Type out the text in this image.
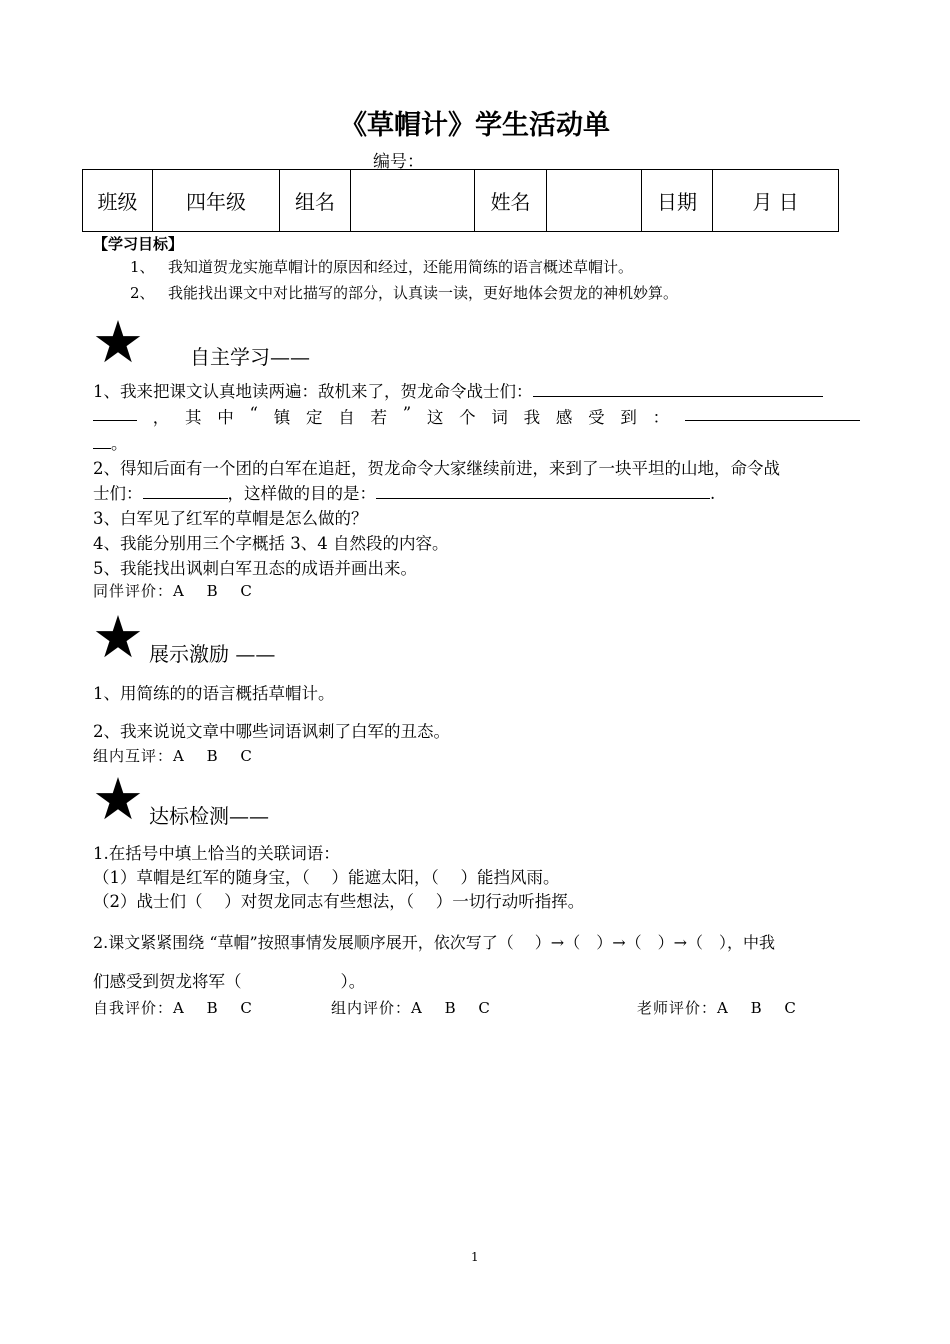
《草帽计》学生活动单
编号：
班级	四年级	组名		姓名		日期	月 日
【学习目标】
1、 我知道贺龙实施草帽计的原因和经过，还能用简练的语言概述草帽计。
2、 我能找出课文中对比描写的部分，认真读一读，更好地体会贺龙的神机妙算。
★ 自主学习——
1、我来把课文认真地读两遍：敌机来了，贺龙命令战士们：
， 其 中 “ 镇 定 自 若 ” 这 个 词 我 感 受 到 ：
。
2、得知后面有一个团的白军在追赶，贺龙命令大家继续前进，来到了一块平坦的山地，命令战
士们：	，这样做的目的是：	.
3、白军见了红军的草帽是怎么做的？
4、我能分别用三个字概括 3、4 自然段的内容。
5、我能找出讽刺白军丑态的成语并画出来。
同伴评价：A　 B　 C
★ 展示激励 ——
1、用简练的的语言概括草帽计。
2、我来说说文章中哪些词语讽刺了白军的丑态。
组内互评：A　 B　 C
★ 达标检测——
1.在括号中填上恰当的关联词语：
（1）草帽是红军的随身宝，（　 ）能遮太阳，（　 ）能挡风雨。
（2）战士们（　 ）对贺龙同志有些想法，（　 ）一切行动听指挥。
2.课文紧紧围绕 “草帽”按照事情发展顺序展开，依次写了（　 ）→（　）→（　）→（　），中我
们感受到贺龙将军（　　　　　　）。
自我评价：A　 B　 C	组内评价：A　 B　 C	老师评价：A　 B　 C
1
